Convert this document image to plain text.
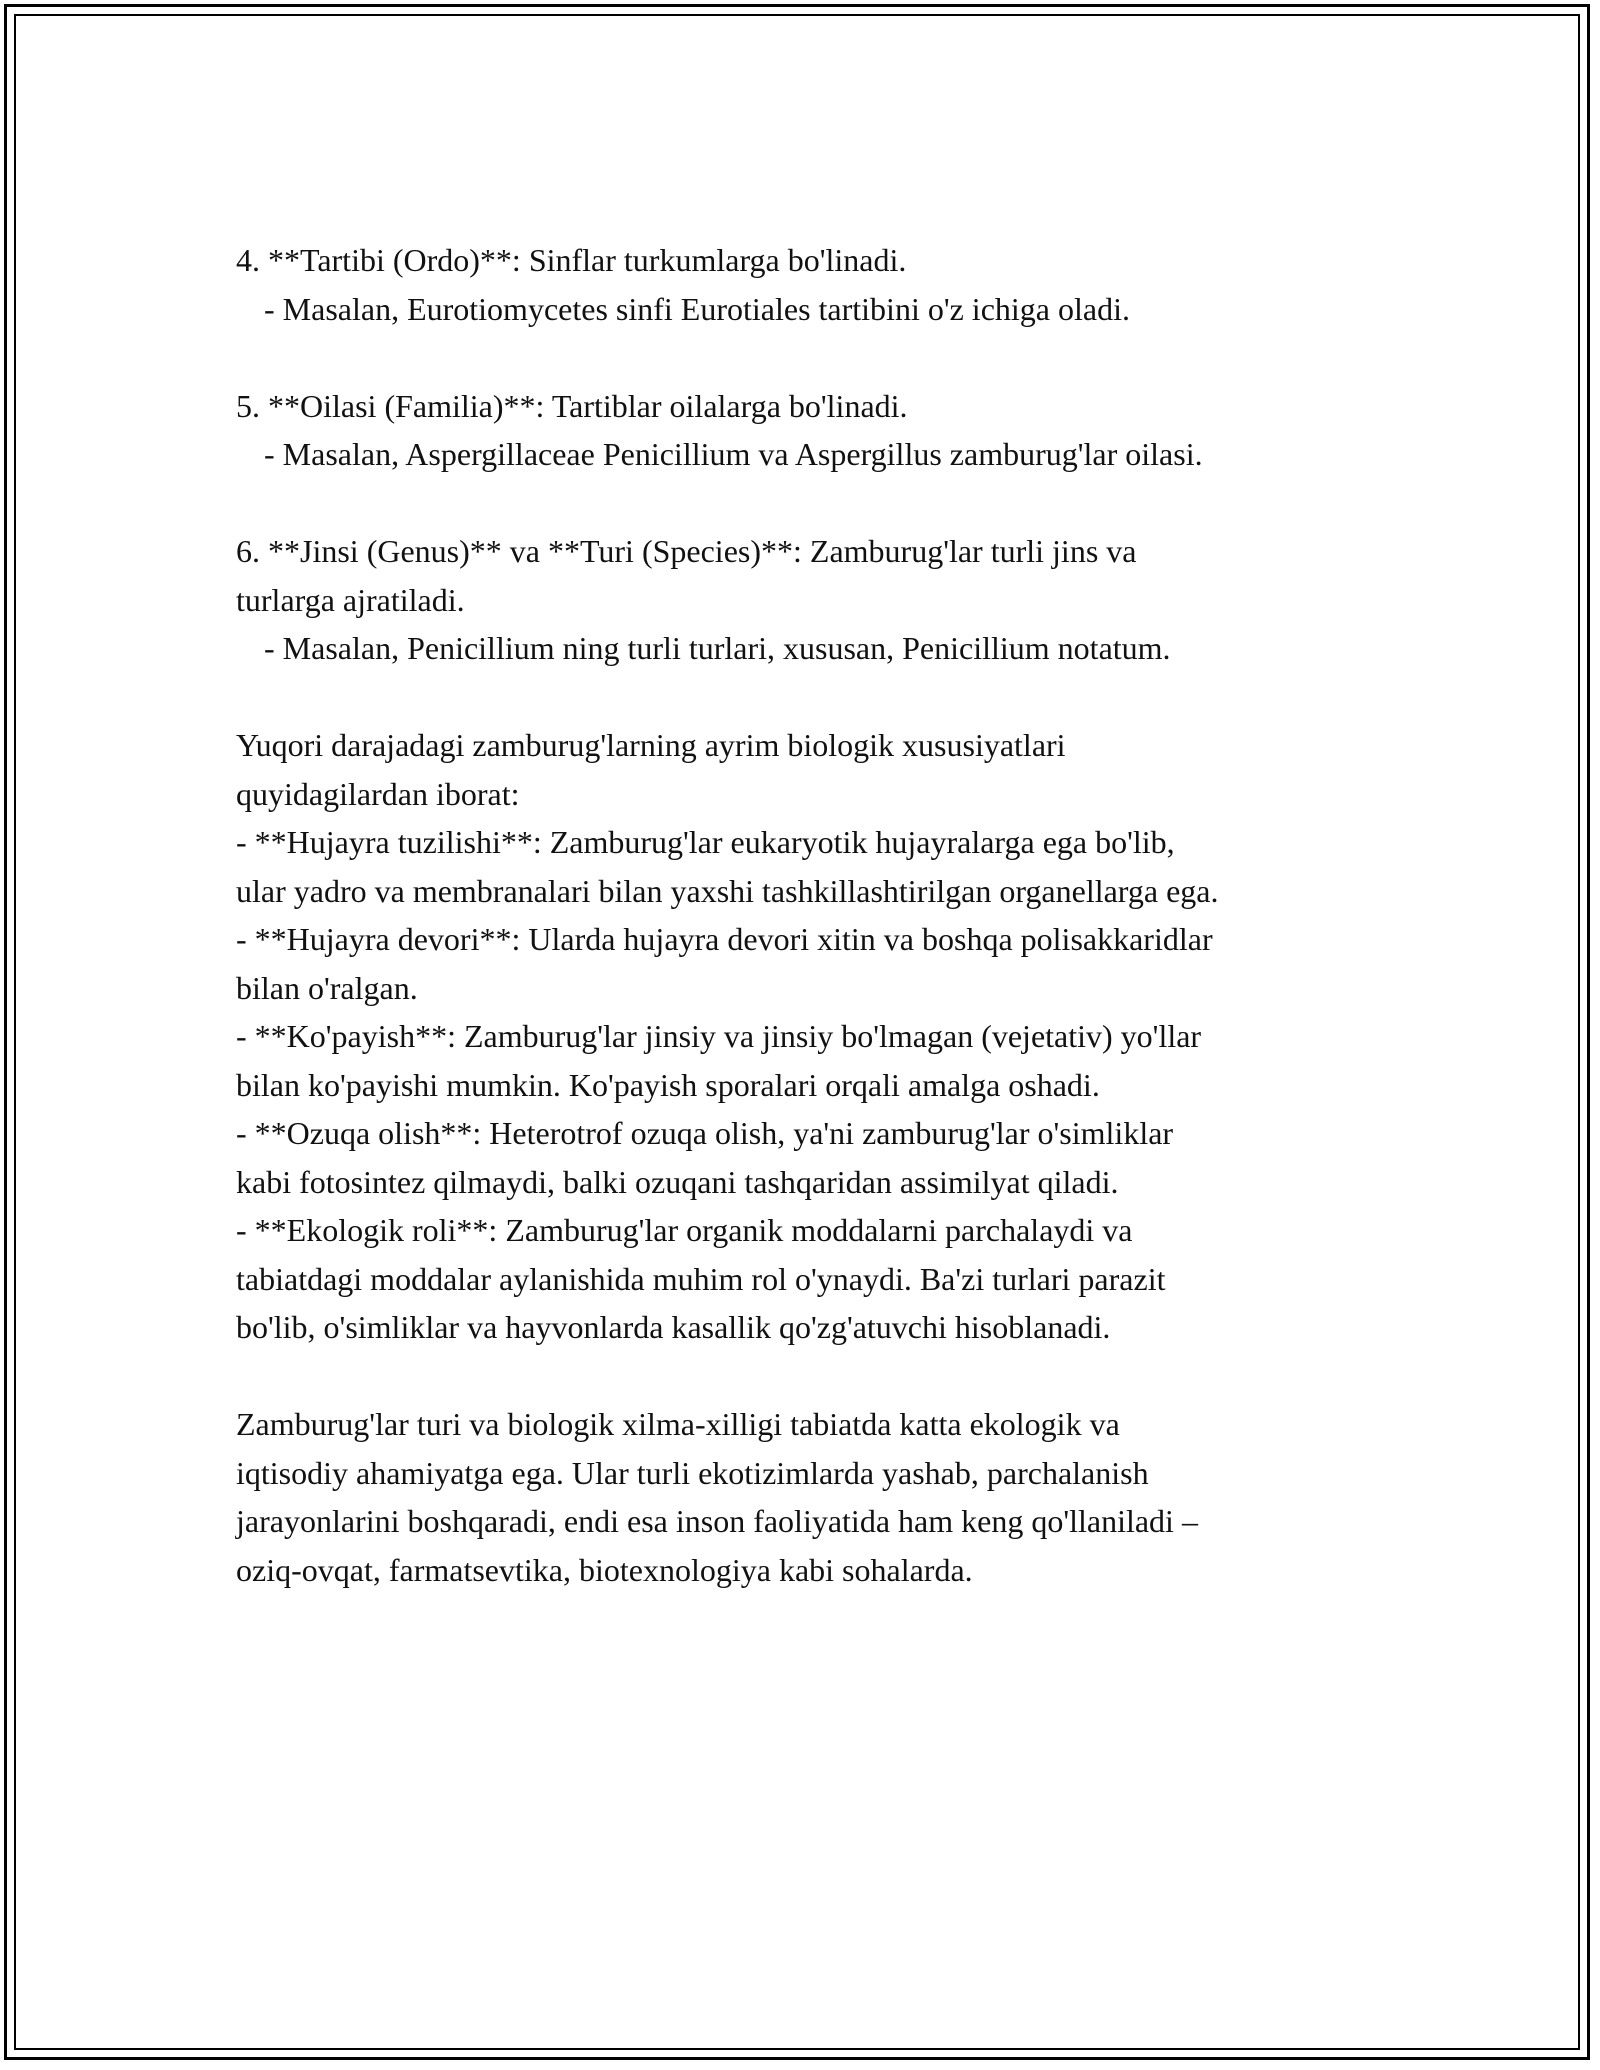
4. **Tartibi (Ordo)**: Sinflar turkumlarga bo'linadi.
- Masalan, Eurotiomycetes sinfi Eurotiales tartibini o'z ichiga oladi.
5. **Oilasi (Familia)**: Tartiblar oilalarga bo'linadi.
- Masalan, Aspergillaceae Penicillium va Aspergillus zamburug'lar oilasi.
6. **Jinsi (Genus)** va **Turi (Species)**: Zamburug'lar turli jins va
turlarga ajratiladi.
- Masalan, Penicillium ning turli turlari, xususan, Penicillium notatum.
Yuqori darajadagi zamburug'larning ayrim biologik xususiyatlari
quyidagilardan iborat:
- **Hujayra tuzilishi**: Zamburug'lar eukaryotik hujayralarga ega bo'lib,
ular yadro va membranalari bilan yaxshi tashkillashtirilgan organellarga ega.
- **Hujayra devori**: Ularda hujayra devori xitin va boshqa polisakkaridlar
bilan o'ralgan.
- **Ko'payish**: Zamburug'lar jinsiy va jinsiy bo'lmagan (vejetativ) yo'llar
bilan ko'payishi mumkin. Ko'payish sporalari orqali amalga oshadi.
- **Ozuqa olish**: Heterotrof ozuqa olish, ya'ni zamburug'lar o'simliklar
kabi fotosintez qilmaydi, balki ozuqani tashqaridan assimilyat qiladi.
- **Ekologik roli**: Zamburug'lar organik moddalarni parchalaydi va
tabiatdagi moddalar aylanishida muhim rol o'ynaydi. Ba'zi turlari parazit
bo'lib, o'simliklar va hayvonlarda kasallik qo'zg'atuvchi hisoblanadi.
Zamburug'lar turi va biologik xilma-xilligi tabiatda katta ekologik va
iqtisodiy ahamiyatga ega. Ular turli ekotizimlarda yashab, parchalanish
jarayonlarini boshqaradi, endi esa inson faoliyatida ham keng qo'llaniladi –
oziq-ovqat, farmatsevtika, biotexnologiya kabi sohalarda.
